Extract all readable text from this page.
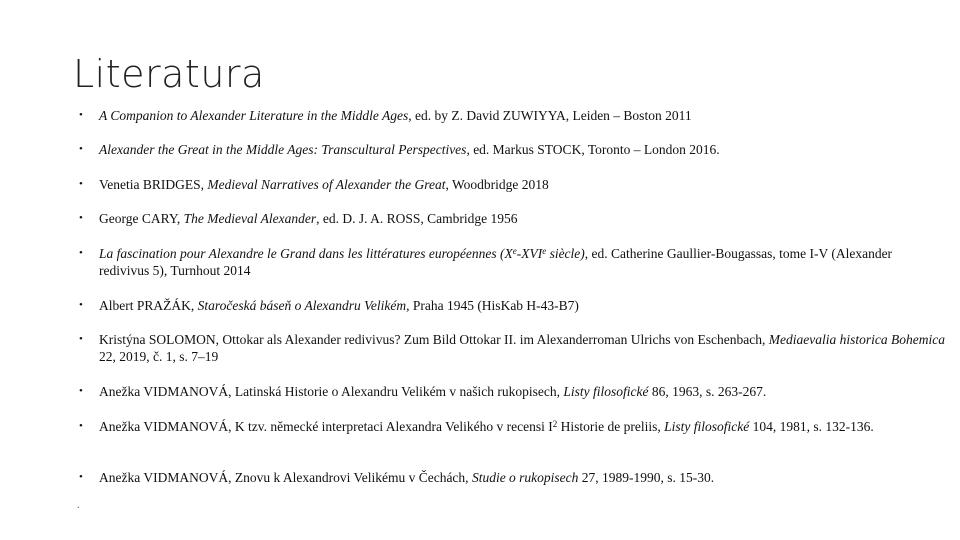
Literatura
• A Companion to Alexander Literature in the Middle Ages, ed. by Z. David ZUWIYYA, Leiden – Boston 2011
• Alexander the Great in the Middle Ages: Transcultural Perspectives, ed. Markus STOCK, Toronto – London 2016.
• Venetia BRIDGES, Medieval Narratives of Alexander the Great, Woodbridge 2018
• George CARY, The Medieval Alexander, ed. D. J. A. ROSS, Cambridge 1956
• La fascination pour Alexandre le Grand dans les littératures européennes (Xe-XVIe siècle), ed. Catherine Gaullier-Bougassas, tome I-V (Alexander redivivus 5), Turnhout 2014
• Albert PRAŽÁK, Staročeská báseň o Alexandru Velikém, Praha 1945 (HisKab H-43-B7)
• Kristýna SOLOMON, Ottokar als Alexander redivivus? Zum Bild Ottokar II. im Alexanderroman Ulrichs von Eschenbach, Mediaevalia historica Bohemica 22, 2019, č. 1, s. 7–19
• Anežka VIDMANOVÁ, Latinská Historie o Alexandru Velikém v našich rukopisech, Listy filosofické 86, 1963, s. 263-267.
• Anežka VIDMANOVÁ, K tzv. německé interpretaci Alexandra Velikého v recensi $I^2$ Historie de preliis, Listy filosofické 104, 1981, s. 132-136.
• Anežka VIDMANOVÁ, Znovu k Alexandrovi Velikému v Čechách, Studie o rukopisech 27, 1989-1990, s. 15-30.
.
